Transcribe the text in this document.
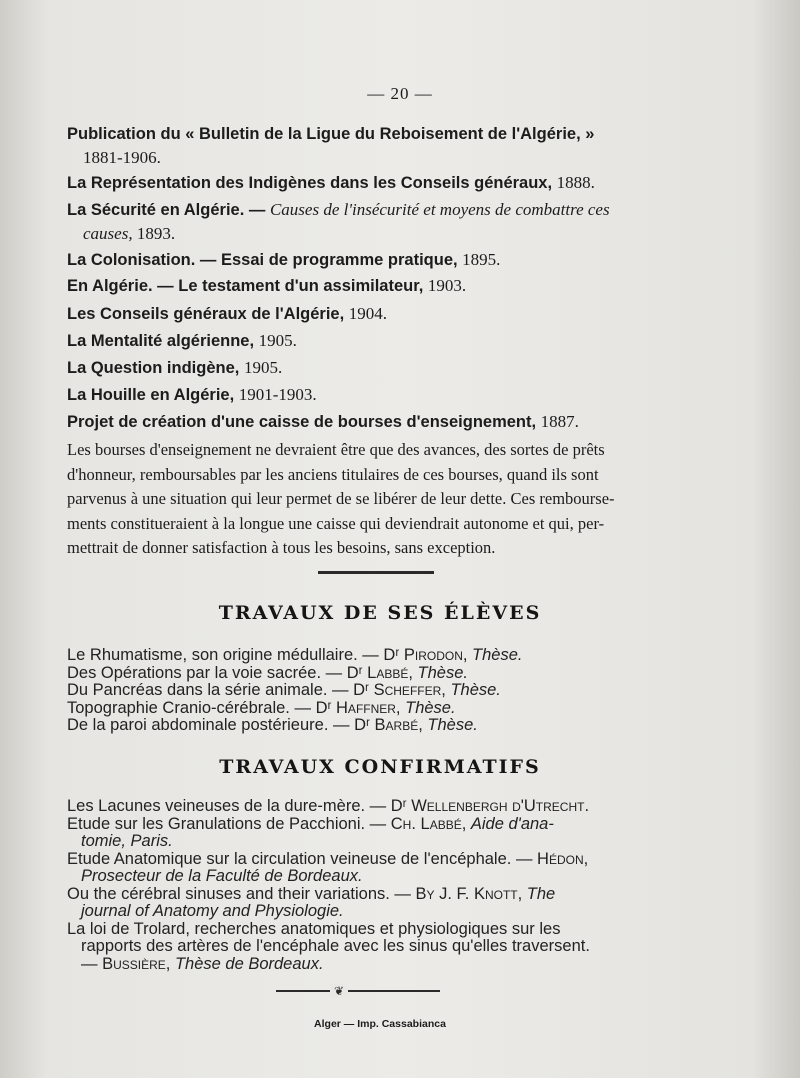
— 20 —
Publication du « Bulletin de la Ligue du Reboisement de l'Algérie, »
1881-1906.
La Représentation des Indigènes dans les Conseils généraux, 1888.
La Sécurité en Algérie. — Causes de l'insécurité et moyens de combattre ces
causes, 1893.
La Colonisation. — Essai de programme pratique, 1895.
En Algérie. — Le testament d'un assimilateur, 1903.
Les Conseils généraux de l'Algérie, 1904.
La Mentalité algérienne, 1905.
La Question indigène, 1905.
La Houille en Algérie, 1901-1903.
Projet de création d'une caisse de bourses d'enseignement, 1887.
Les bourses d'enseignement ne devraient être que des avances, des sortes de prêts
d'honneur, remboursables par les anciens titulaires de ces bourses, quand ils sont
parvenus à une situation qui leur permet de se libérer de leur dette. Ces rembourse-
ments constitueraient à la longue une caisse qui deviendrait autonome et qui, per-
mettrait de donner satisfaction à tous les besoins, sans exception.
TRAVAUX DE SES ÉLÈVES
Le Rhumatisme, son origine médullaire. — Dʳ Pirodon, Thèse.
Des Opérations par la voie sacrée. — Dʳ Labbé, Thèse.
Du Pancréas dans la série animale. — Dʳ Scheffer, Thèse.
Topographie Cranio-cérébrale. — Dʳ Haffner, Thèse.
De la paroi abdominale postérieure. — Dʳ Barbé, Thèse.
TRAVAUX CONFIRMATIFS
Les Lacunes veineuses de la dure-mère. — Dʳ Wellenbergh d'Utrecht.
Etude sur les Granulations de Pacchioni. — Ch. Labbé, Aide d'ana-
tomie, Paris.
Etude Anatomique sur la circulation veineuse de l'encéphale. — Hédon,
Prosecteur de la Faculté de Bordeaux.
Ou the cérébral sinuses and their variations. — By J. F. Knott, The
journal of Anatomy and Physiologie.
La loi de Trolard, recherches anatomiques et physiologiques sur les
rapports des artères de l'encéphale avec les sinus qu'elles traversent.
— Bussière, Thèse de Bordeaux.
❦
Alger — Imp. Cassabianca
